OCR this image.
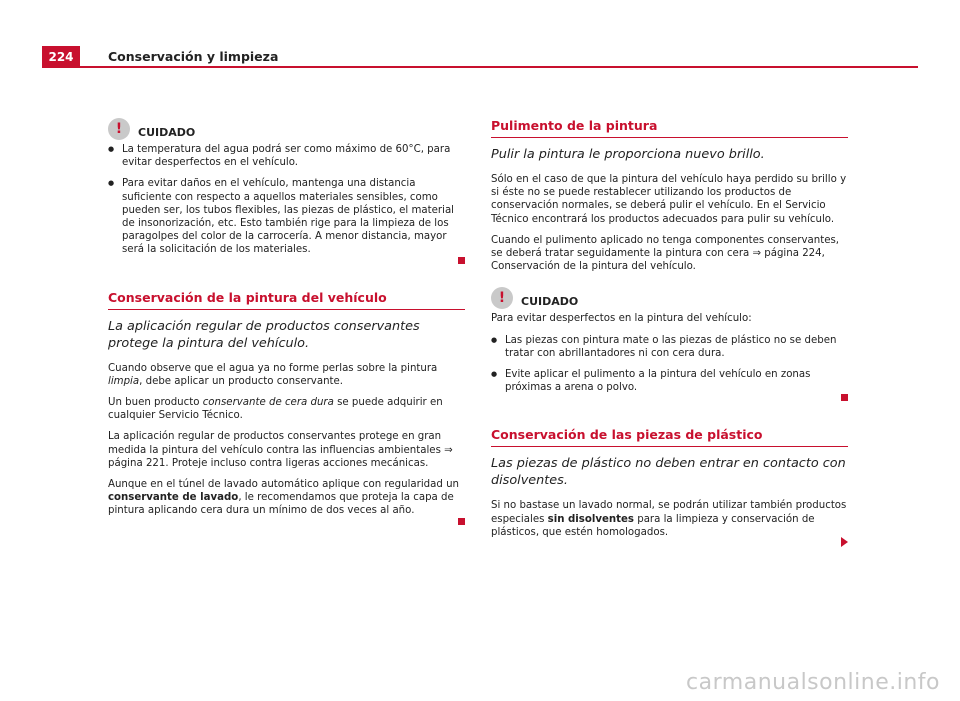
224	Conservación y limpieza
!	CUIDADO

● La temperatura del agua podrá ser como máximo de 60°C, para evitar desperfectos en el vehículo.

● Para evitar daños en el vehículo, mantenga una distancia suficiente con respecto a aquellos materiales sensibles, como pueden ser, los tubos flexibles, las piezas de plástico, el material de insonorización, etc. Esto también rige para la limpieza de los paragolpes del color de la carrocería. A menor distancia, mayor será la solicitación de los materiales.

Conservación de la pintura del vehículo
La aplicación regular de productos conservantes protege la pintura del vehículo.

Cuando observe que el agua ya no forme perlas sobre la pintura limpia, debe aplicar un producto conservante.

Un buen producto conservante de cera dura se puede adquirir en cualquier Servicio Técnico.

La aplicación regular de productos conservantes protege en gran medida la pintura del vehículo contra las influencias ambientales ⇒ página 221. Proteje incluso contra ligeras acciones mecánicas.

Aunque en el túnel de lavado automático aplique con regularidad un conservante de lavado, le recomendamos que proteja la capa de pintura aplicando cera dura un mínimo de dos veces al año.

Pulimento de la pintura
Pulir la pintura le proporciona nuevo brillo.

Sólo en el caso de que la pintura del vehículo haya perdido su brillo y si éste no se puede restablecer utilizando los productos de conservación normales, se deberá pulir el vehículo. En el Servicio Técnico encontrará los productos adecuados para pulir su vehículo.

Cuando el pulimento aplicado no tenga componentes conservantes, se deberá tratar seguidamente la pintura con cera ⇒ página 224, Conservación de la pintura del vehículo.

!	CUIDADO

Para evitar desperfectos en la pintura del vehículo:

● Las piezas con pintura mate o las piezas de plástico no se deben tratar con abrillantadores ni con cera dura.

● Evite aplicar el pulimento a la pintura del vehículo en zonas próximas a arena o polvo.

Conservación de las piezas de plástico
Las piezas de plástico no deben entrar en contacto con disolventes.

Si no bastase un lavado normal, se podrán utilizar también productos especiales sin disolventes para la limpieza y conservación de plásticos, que estén homologados.

carmanualsonline.info
